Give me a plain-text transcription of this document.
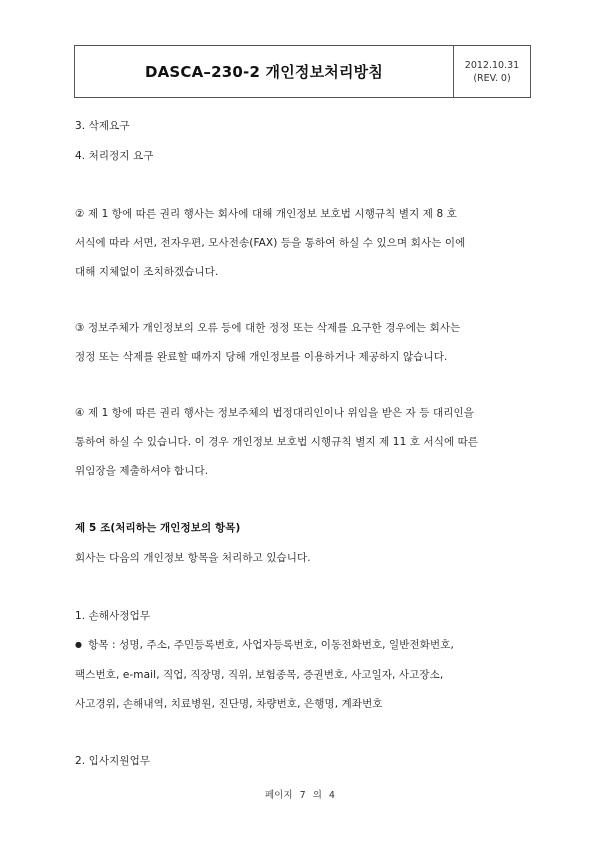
DASCA–230-2 개인정보처리방침	2012.10.31
(REV. 0)
3. 삭제요구
4. 처리정지 요구
② 제 1 항에 따른 권리 행사는 회사에 대해 개인정보 보호법 시행규칙 별지 제 8 호
서식에 따라 서면, 전자우편, 모사전송(FAX) 등을 통하여 하실 수 있으며 회사는 이에
대해 지체없이 조치하겠습니다.
③ 정보주체가 개인정보의 오류 등에 대한 정정 또는 삭제를 요구한 경우에는 회사는
정정 또는 삭제를 완료할 때까지 당해 개인정보를 이용하거나 제공하지 않습니다.
④ 제 1 항에 따른 권리 행사는 정보주체의 법정대리인이나 위임을 받은 자 등 대리인을
통하여 하실 수 있습니다. 이 경우 개인정보 보호법 시행규칙 별지 제 11 호 서식에 따른
위임장을 제출하셔야 합니다.
제 5 조(처리하는 개인정보의 항목)
회사는 다음의 개인정보 항목을 처리하고 있습니다.
1. 손해사정업무
● 항목 : 성명, 주소, 주민등록번호, 사업자등록번호, 이동전화번호, 일반전화번호,
팩스번호, e-mail, 직업, 직장명, 직위, 보험종목, 증권번호, 사고일자, 사고장소,
사고경위, 손해내역, 치료병원, 진단명, 차량번호, 은행명, 계좌번호
2. 입사지원업무
페이지 7 의 4
